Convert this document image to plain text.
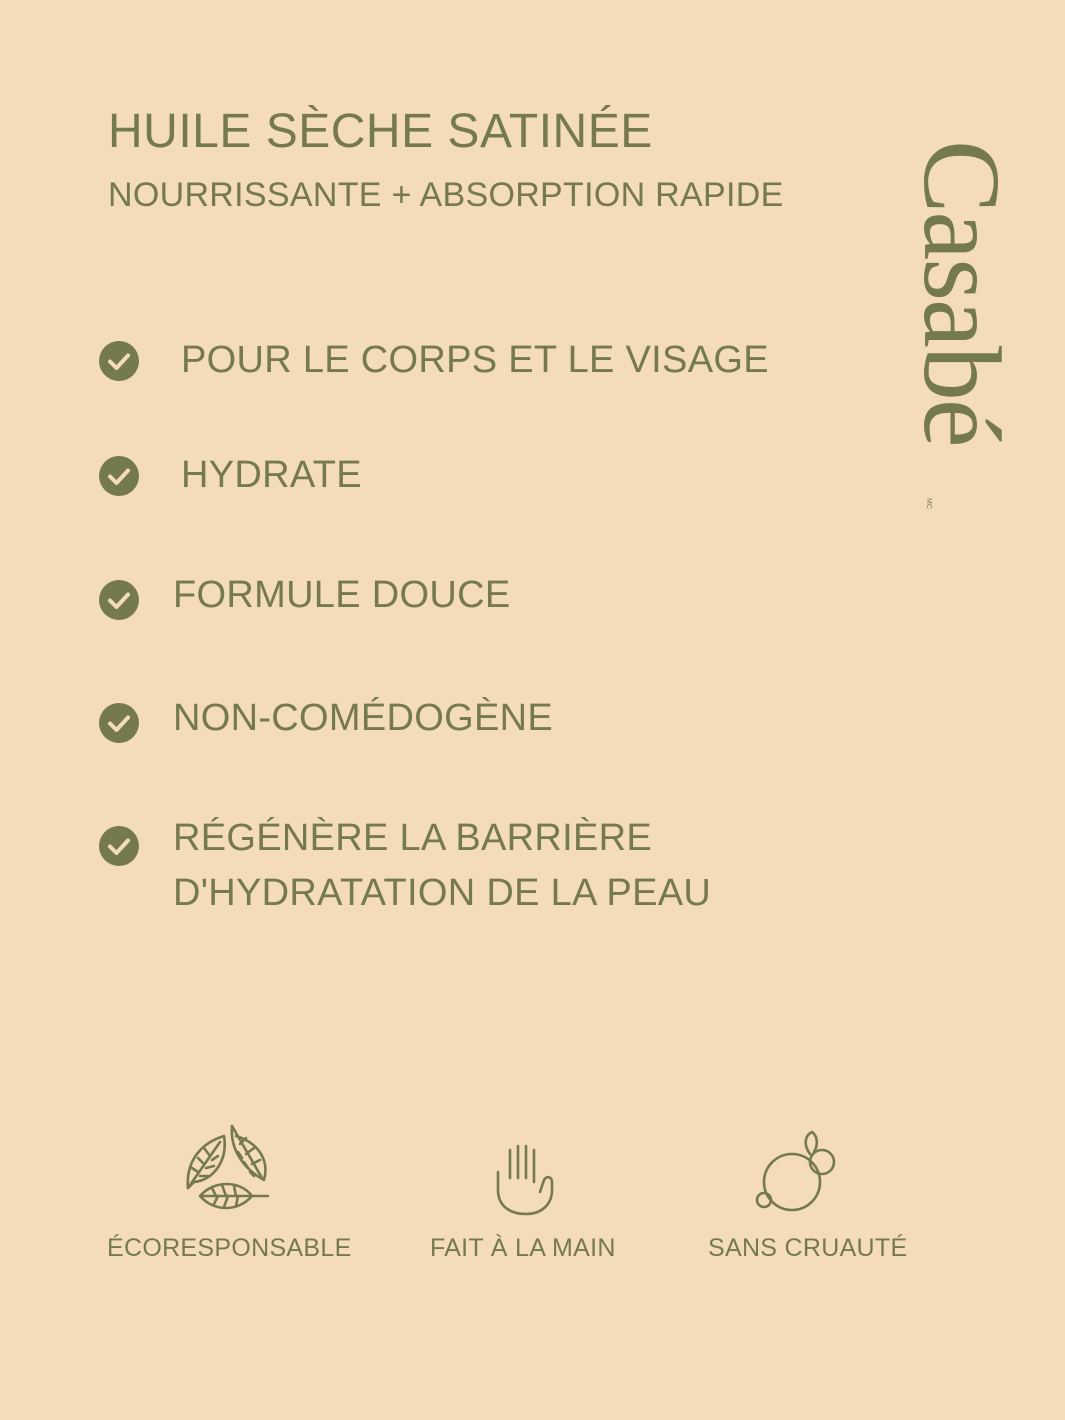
HUILE SÈCHE SATINÉE

NOURRISSANTE + ABSORPTION RAPIDE Casabé
MC
POUR LE CORPS ET LE VISAGE
HYDRATE
FORMULE DOUCE
NON-COMÉDOGÈNE
RÉGÉNÈRE LA BARRIÈRE
D'HYDRATATION DE LA PEAU
ÉCORESPONSABLE	FAIT À LA MAIN	SANS CRUAUTÉ
